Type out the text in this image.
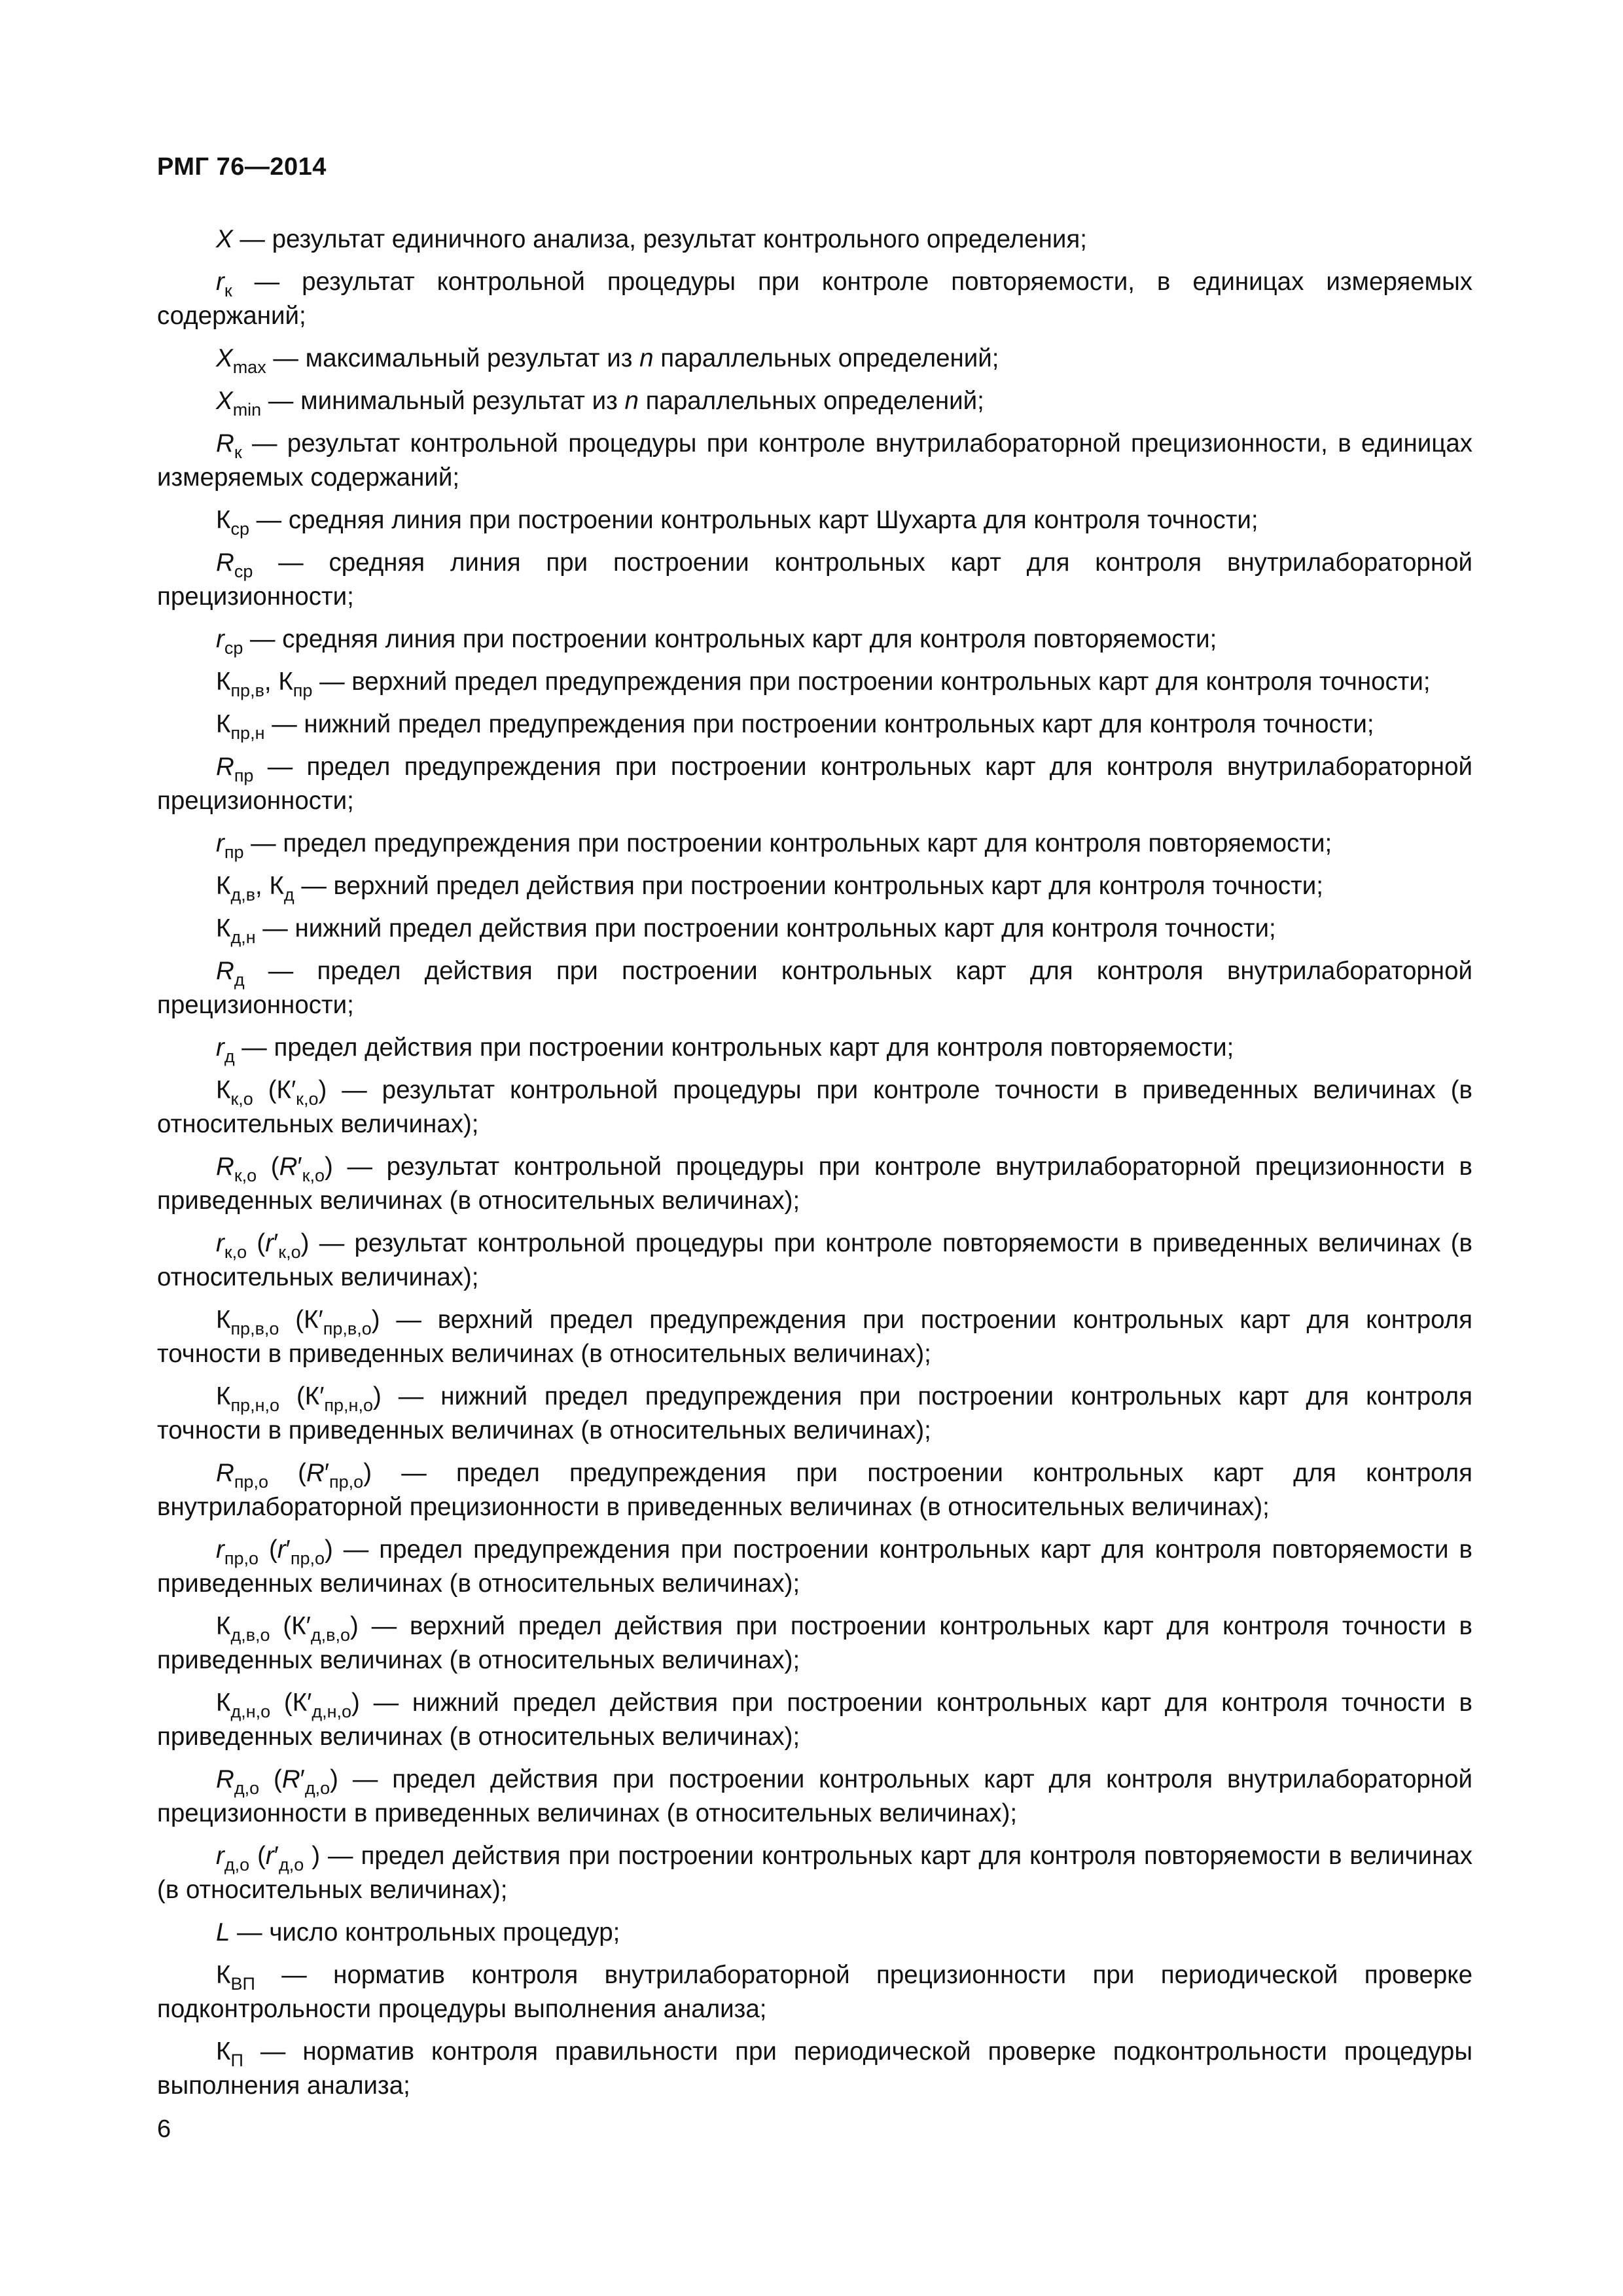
РМГ 76—2014

X — результат единичного анализа, результат контрольного определения;

$r_к$ — результат контрольной процедуры при контроле повторяемости, в единицах измеряемых содержаний;

$X_{max}$ — максимальный результат из n параллельных определений;

$X_{min}$ — минимальный результат из n параллельных определений;

$R_к$ — результат контрольной процедуры при контроле внутрилабораторной прецизионности, в единицах измеряемых содержаний;

$К_{ср}$ — средняя линия при построении контрольных карт Шухарта для контроля точности;

$R_{ср}$ — средняя линия при построении контрольных карт для контроля внутрилабораторной прецизионности;

$r_{ср}$ — средняя линия при построении контрольных карт для контроля повторяемости;

$К_{пр,в}$, $К_{пр}$ — верхний предел предупреждения при построении контрольных карт для контроля точности;

$К_{пр,н}$ — нижний предел предупреждения при построении контрольных карт для контроля точности;

$R_{пр}$ — предел предупреждения при построении контрольных карт для контроля внутрилабораторной прецизионности;

$r_{пр}$ — предел предупреждения при построении контрольных карт для контроля повторяемости;

$К_{д,в}$, $К_д$ — верхний предел действия при построении контрольных карт для контроля точности;

$К_{д,н}$ — нижний предел действия при построении контрольных карт для контроля точности;

$R_д$ — предел действия при построении контрольных карт для контроля внутрилабораторной прецизионности;

$r_д$ — предел действия при построении контрольных карт для контроля повторяемости;

$К_{к,о}$ $(К'_{к,о})$ — результат контрольной процедуры при контроле точности в приведенных величинах (в относительных величинах);

$R_{к,о}$ $(R'_{к,о})$ — результат контрольной процедуры при контроле внутрилабораторной прецизионности в приведенных величинах (в относительных величинах);

$r_{к,о}$ $(r'_{к,о})$ — результат контрольной процедуры при контроле повторяемости в приведенных величинах (в относительных величинах);

$К_{пр,в,о}$ $(К'_{пр,в,о})$ — верхний предел предупреждения при построении контрольных карт для контроля точности в приведенных величинах (в относительных величинах);

$К_{пр,н,о}$ $(К'_{пр,н,о})$ — нижний предел предупреждения при построении контрольных карт для контроля точности в приведенных величинах (в относительных величинах);

$R_{пр,о}$ $(R'_{пр,о})$ — предел предупреждения при построении контрольных карт для контроля внутрилабораторной прецизионности в приведенных величинах (в относительных величинах);

$r_{пр,о}$ $(r'_{пр,о})$ — предел предупреждения при построении контрольных карт для контроля повторяемости в приведенных величинах (в относительных величинах);

$К_{д,в,о}$ $(К'_{д,в,о})$ — верхний предел действия при построении контрольных карт для контроля точности в приведенных величинах (в относительных величинах);

$К_{д,н,о}$ $(К'_{д,н,о})$ — нижний предел действия при построении контрольных карт для контроля точности в приведенных величинах (в относительных величинах);

$R_{д,о}$ $(R'_{д,о})$ — предел действия при построении контрольных карт для контроля внутрилабораторной прецизионности в приведенных величинах (в относительных величинах);

$r_{д,о}$ ($r'_{д,о}$ ) — предел действия при построении контрольных карт для контроля повторяемости в величинах (в относительных величинах);

L — число контрольных процедур;

$К_{ВП}$ — норматив контроля внутрилабораторной прецизионности при периодической проверке подконтрольности процедуры выполнения анализа;

$К_П$ — норматив контроля правильности при периодической проверке подконтрольности процедуры выполнения анализа;

6
